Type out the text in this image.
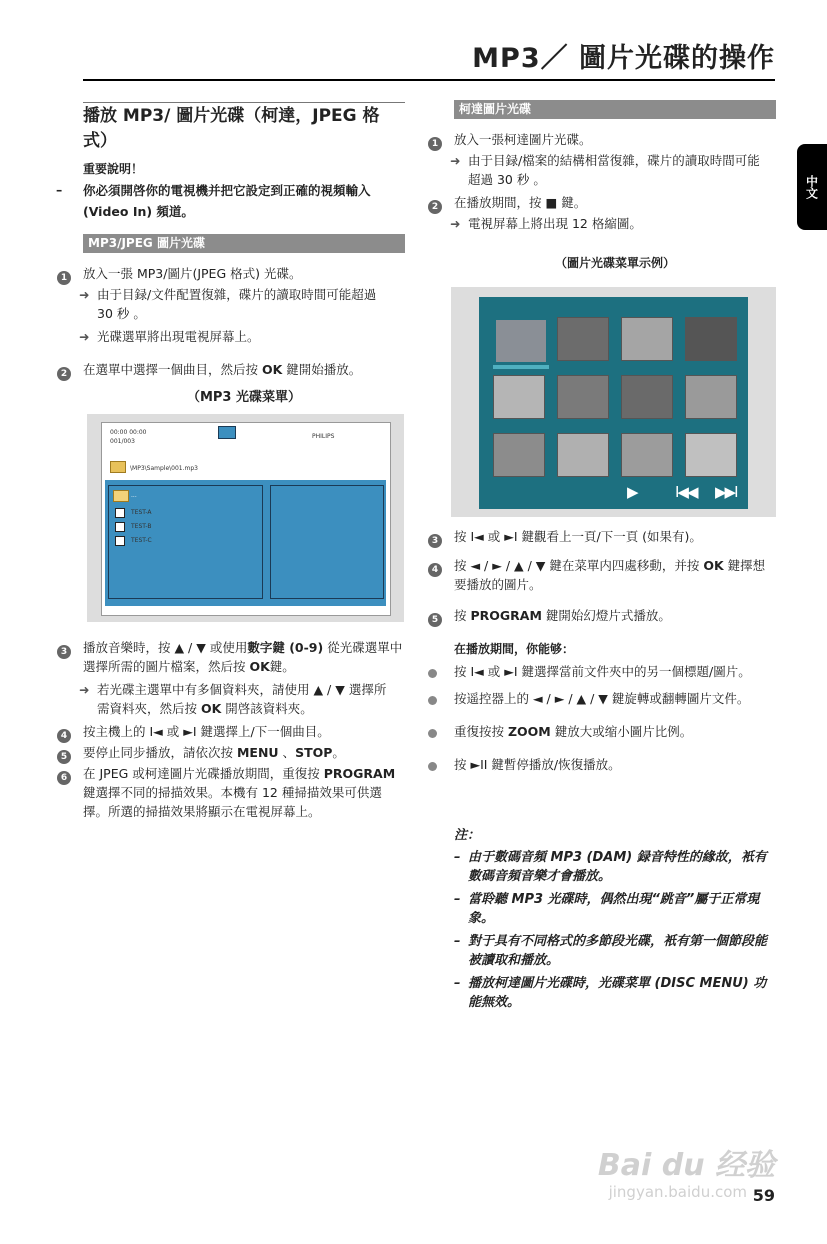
MP3／ 圖片光碟的操作
中文
播放 MP3/ 圖片光碟（柯達，JPEG 格式）
重要說明！
– 你必須開啓你的電視機并把它設定到正確的視頻輸入 (Video In) 頻道。
MP3/JPEG 圖片光碟
1	放入一張 MP3/圖片(JPEG 格式) 光碟。
➜ 由于目録/文件配置復雜，碟片的讀取時間可能超過 30 秒 。
➜ 光碟選單將出現電視屏幕上。
2	在選單中選擇一個曲目，然后按 OK 鍵開始播放。
（MP3 光碟菜單）
00:00 00:00
001/003
PHILIPS
\MP3\Sample\001.mp3
...
TEST-A
TEST-B
TEST-C
3	播放音樂時，按 ▲ / ▼ 或使用數字鍵 (0-9) 從光碟選單中選擇所需的圖片檔案，然后按 OK鍵。
➜ 若光碟主選單中有多個資料夾，請使用 ▲ / ▼ 選擇所需資料夾，然后按 OK 開啓該資料夾。
4	按主機上的 I◄ 或 ►I 鍵選擇上/下一個曲目。
5	要停止同步播放，請依次按 MENU 、STOP。
6	在 JPEG 或柯達圖片光碟播放期間，重復按 PROGRAM 鍵選擇不同的掃描效果。本機有 12 種掃描效果可供選擇。所選的掃描效果將顯示在電視屏幕上。
柯達圖片光碟
1	放入一張柯達圖片光碟。
➜ 由于目録/檔案的結構相當復雜，碟片的讀取時間可能超過 30 秒 。
2	在播放期間，按 ■ 鍵。
➜ 電視屏幕上將出現 12 格縮圖。
（圖片光碟菜單示例）
▶	I◀◀ ▶▶I
3	按 I◄ 或 ►I 鍵觀看上一頁/下一頁 (如果有)。
4	按 ◄ / ► / ▲ / ▼ 鍵在菜單内四處移動，并按 OK 鍵擇想要播放的圖片。
5	按 PROGRAM 鍵開始幻燈片式播放。
在播放期間，你能够：
按 I◄ 或 ►I 鍵選擇當前文件夾中的另一個標題/圖片。
按遥控器上的 ◄ / ► / ▲ / ▼ 鍵旋轉或翻轉圖片文件。
重復按按 ZOOM 鍵放大或缩小圖片比例。
按 ►II 鍵暫停播放/恢復播放。
注：
– 由于數碼音頻 MP3 (DAM) 録音特性的緣故，衹有數碼音頻音樂才會播放。
– 當聆聽 MP3 光碟時，偶然出現“跳音”屬于正常現象。
– 對于具有不同格式的多節段光碟，衹有第一個節段能被讀取和播放。
– 播放柯達圖片光碟時，光碟菜單 (DISC MENU) 功能無效。
Bai du 经验
jingyan.baidu.com 59
